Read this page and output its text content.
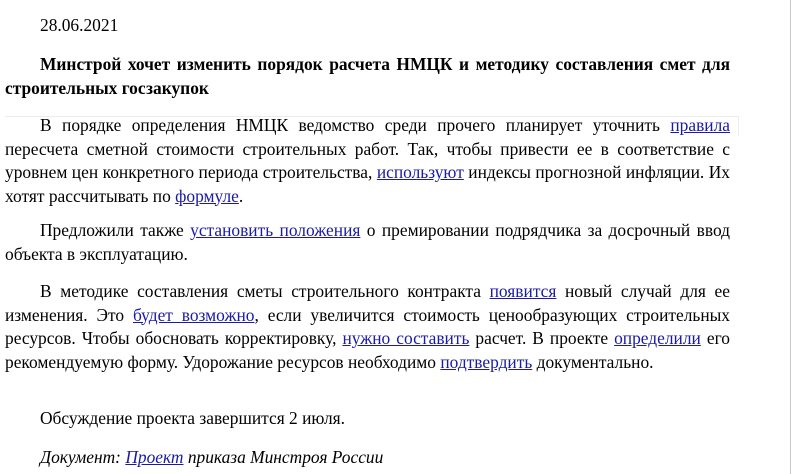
28.06.2021

Минстрой хочет изменить порядок расчета НМЦК и методику составления смет для строительных госзакупок

В порядке определения НМЦК ведомство среди прочего планирует уточнить правила пересчета сметной стоимости строительных работ. Так, чтобы привести ее в соответствие с уровнем цен конкретного периода строительства, используют индексы прогнозной инфляции. Их хотят рассчитывать по формуле.

Предложили также установить положения о премировании подрядчика за досрочный ввод объекта в эксплуатацию.

В методике составления сметы строительного контракта появится новый случай для ее изменения. Это будет возможно, если увеличится стоимость ценообразующих строительных ресурсов. Чтобы обосновать корректировку, нужно составить расчет. В проекте определили его рекомендуемую форму. Удорожание ресурсов необходимо подтвердить документально.

Обсуждение проекта завершится 2 июля.

Документ: Проект приказа Минстроя России
